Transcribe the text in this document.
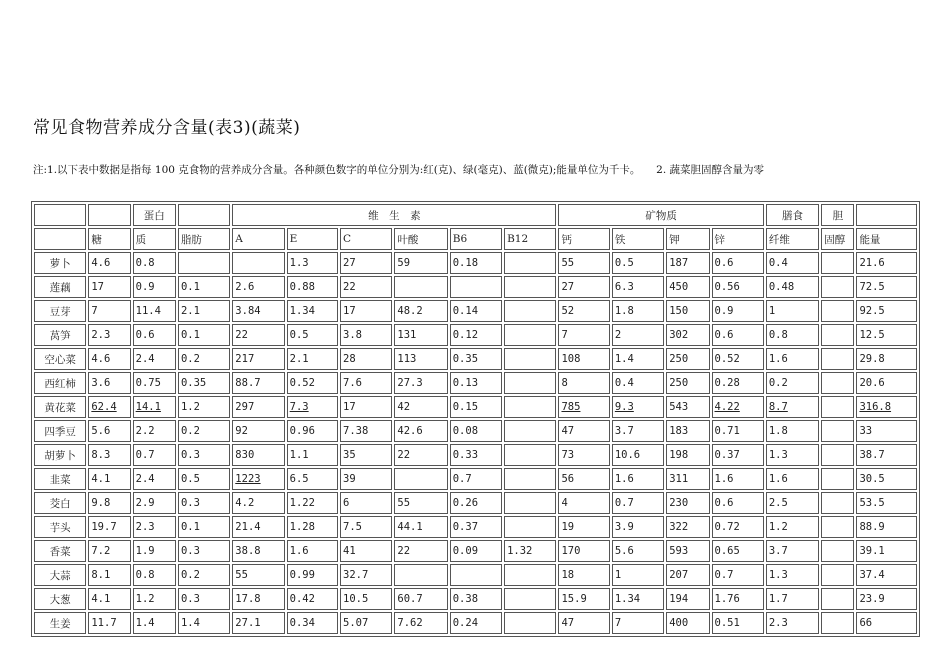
常见食物营养成分含量(表3)(蔬菜)
注:1.以下表中数据是指每 100 克食物的营养成分含量。各种颜色数字的单位分别为:红(克)、绿(毫克)、蓝(微克);能量单位为千卡。　　2. 蔬菜胆固醇含量为零
		蛋白		维　生　素						矿物质				膳食	胆	
	糖	质	脂肪	A	E	C	叶酸	B6	B12	钙	铁	钾	锌	纤维	固醇	能量
萝卜	4.6	0.8			1.3	27	59	0.18		55	0.5	187	0.6	0.4		21.6
莲藕	17	0.9	0.1	2.6	0.88	22				27	6.3	450	0.56	0.48		72.5
豆芽	7	11.4	2.1	3.84	1.34	17	48.2	0.14		52	1.8	150	0.9	1		92.5
莴笋	2.3	0.6	0.1	22	0.5	3.8	131	0.12		7	2	302	0.6	0.8		12.5
空心菜	4.6	2.4	0.2	217	2.1	28	113	0.35		108	1.4	250	0.52	1.6		29.8
西红柿	3.6	0.75	0.35	88.7	0.52	7.6	27.3	0.13		8	0.4	250	0.28	0.2		20.6
黄花菜	62.4	14.1	1.2	297	7.3	17	42	0.15		785	9.3	543	4.22	8.7		316.8
四季豆	5.6	2.2	0.2	92	0.96	7.38	42.6	0.08		47	3.7	183	0.71	1.8		33
胡萝卜	8.3	0.7	0.3	830	1.1	35	22	0.33		73	10.6	198	0.37	1.3		38.7
韭菜	4.1	2.4	0.5	1223	6.5	39		0.7		56	1.6	311	1.6	1.6		30.5
茭白	9.8	2.9	0.3	4.2	1.22	6	55	0.26		4	0.7	230	0.6	2.5		53.5
芋头	19.7	2.3	0.1	21.4	1.28	7.5	44.1	0.37		19	3.9	322	0.72	1.2		88.9
香菜	7.2	1.9	0.3	38.8	1.6	41	22	0.09	1.32	170	5.6	593	0.65	3.7		39.1
大蒜	8.1	0.8	0.2	55	0.99	32.7				18	1	207	0.7	1.3		37.4
大葱	4.1	1.2	0.3	17.8	0.42	10.5	60.7	0.38		15.9	1.34	194	1.76	1.7		23.9
生姜	11.7	1.4	1.4	27.1	0.34	5.07	7.62	0.24		47	7	400	0.51	2.3		66
